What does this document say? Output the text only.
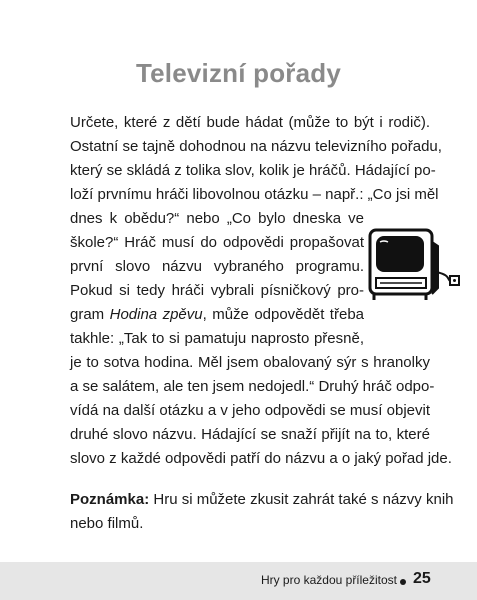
Televizní pořady
Určete, které z dětí bude hádat (může to být i rodič).
Ostatní se tajně dohodnou na názvu televizního pořadu,
který se skládá z tolika slov, kolik je hráčů. Hádající po-
loží prvnímu hráči libovolnou otázku – např.: „Co jsi měl
dnes k obědu?“ nebo „Co bylo dneska ve
škole?“ Hráč musí do odpovědi propašovat
první slovo názvu vybraného programu.
Pokud si tedy hráči vybrali písničkový pro-
gram Hodina zpěvu, může odpovědět třeba
takhle: „Tak to si pamatuju naprosto přesně,
je to sotva hodina. Měl jsem obalovaný sýr s hranolky
a se salátem, ale ten jsem nedojedl.“ Druhý hráč odpo-
vídá na další otázku a v jeho odpovědi se musí objevit
druhé slovo názvu. Hádající se snaží přijít na to, které
slovo z každé odpovědi patří do názvu a o jaký pořad jde.
Poznámka: Hru si můžete zkusit zahrát také s názvy knih
nebo filmů.
Hry pro každou příležitost 25
